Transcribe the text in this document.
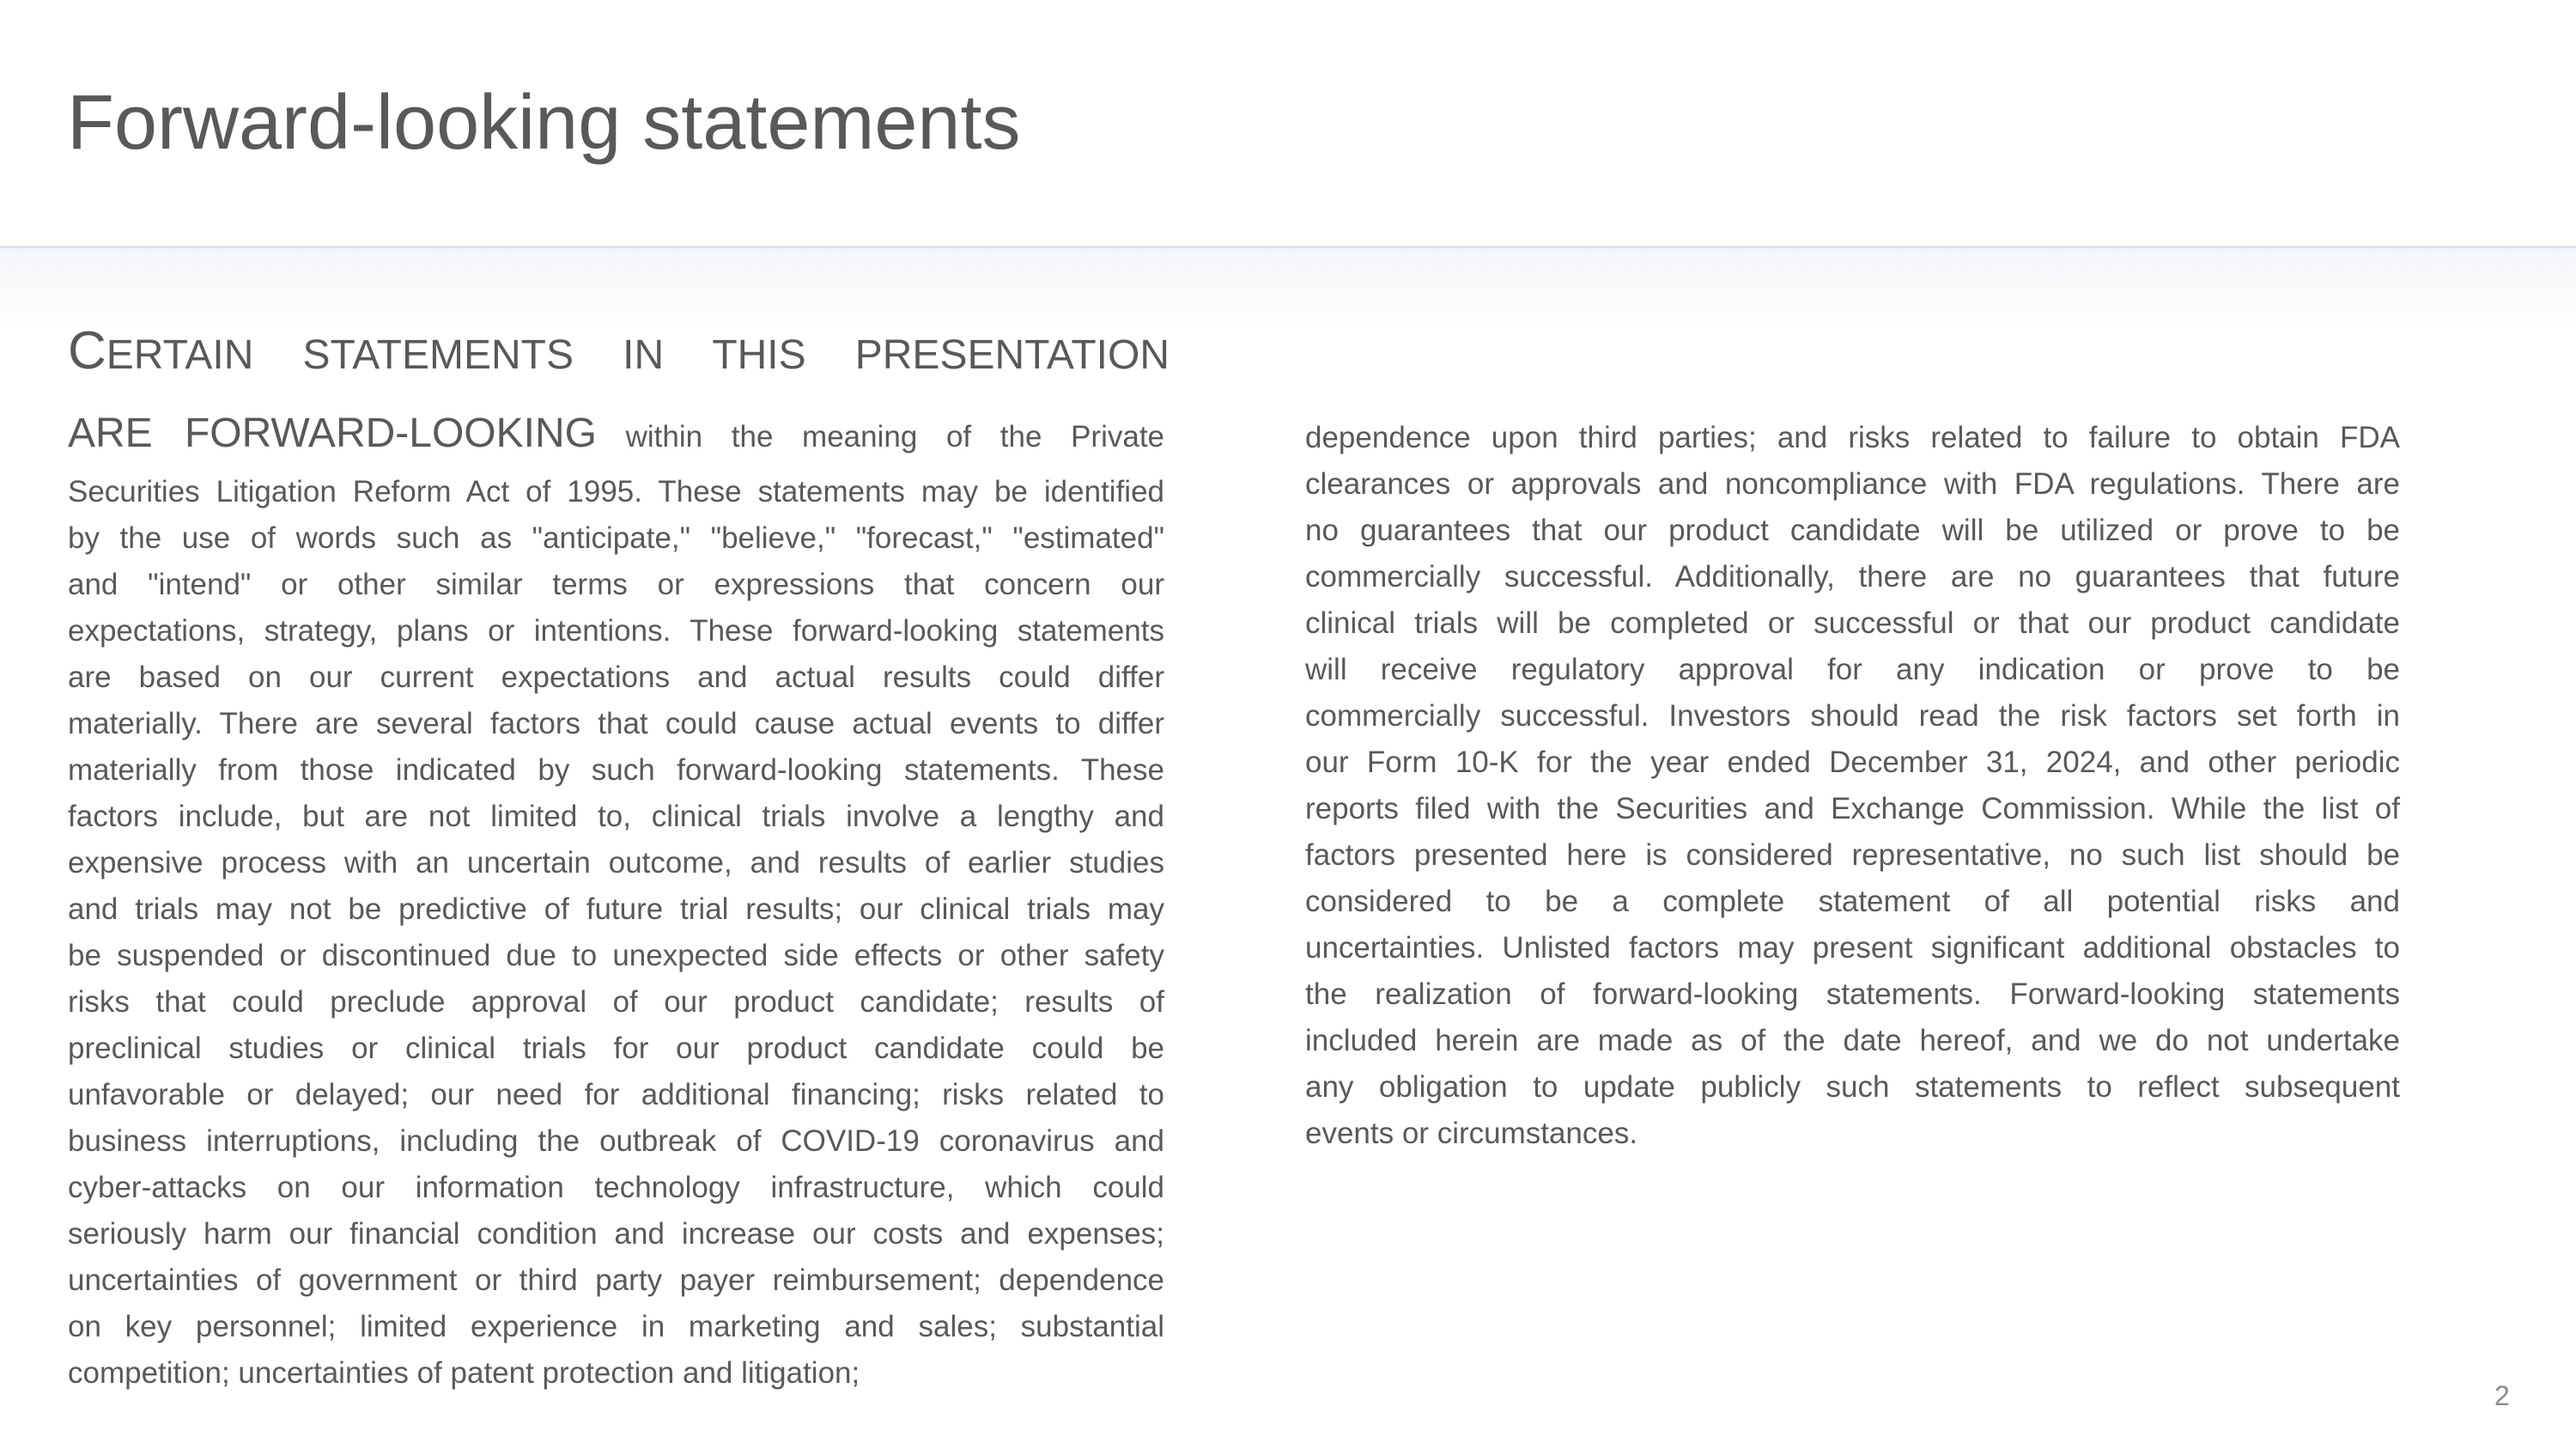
Forward-looking statements
CERTAIN STATEMENTS IN THIS PRESENTATION
ARE FORWARD-LOOKING within the meaning of the Private
Securities Litigation Reform Act of 1995. These statements may be identified
by the use of words such as "anticipate," "believe," "forecast," "estimated"
and "intend" or other similar terms or expressions that concern our
expectations, strategy, plans or intentions. These forward-looking statements
are based on our current expectations and actual results could differ
materially. There are several factors that could cause actual events to differ
materially from those indicated by such forward-looking statements. These
factors include, but are not limited to, clinical trials involve a lengthy and
expensive process with an uncertain outcome, and results of earlier studies
and trials may not be predictive of future trial results; our clinical trials may
be suspended or discontinued due to unexpected side effects or other safety
risks that could preclude approval of our product candidate; results of
preclinical studies or clinical trials for our product candidate could be
unfavorable or delayed; our need for additional financing; risks related to
business interruptions, including the outbreak of COVID-19 coronavirus and
cyber-attacks on our information technology infrastructure, which could
seriously harm our financial condition and increase our costs and expenses;
uncertainties of government or third party payer reimbursement; dependence
on key personnel; limited experience in marketing and sales; substantial
competition; uncertainties of patent protection and litigation;
dependence upon third parties; and risks related to failure to obtain FDA
clearances or approvals and noncompliance with FDA regulations. There are
no guarantees that our product candidate will be utilized or prove to be
commercially successful. Additionally, there are no guarantees that future
clinical trials will be completed or successful or that our product candidate
will receive regulatory approval for any indication or prove to be
commercially successful. Investors should read the risk factors set forth in
our Form 10-K for the year ended December 31, 2024, and other periodic
reports filed with the Securities and Exchange Commission. While the list of
factors presented here is considered representative, no such list should be
considered to be a complete statement of all potential risks and
uncertainties. Unlisted factors may present significant additional obstacles to
the realization of forward-looking statements. Forward-looking statements
included herein are made as of the date hereof, and we do not undertake
any obligation to update publicly such statements to reflect subsequent
events or circumstances.
2
